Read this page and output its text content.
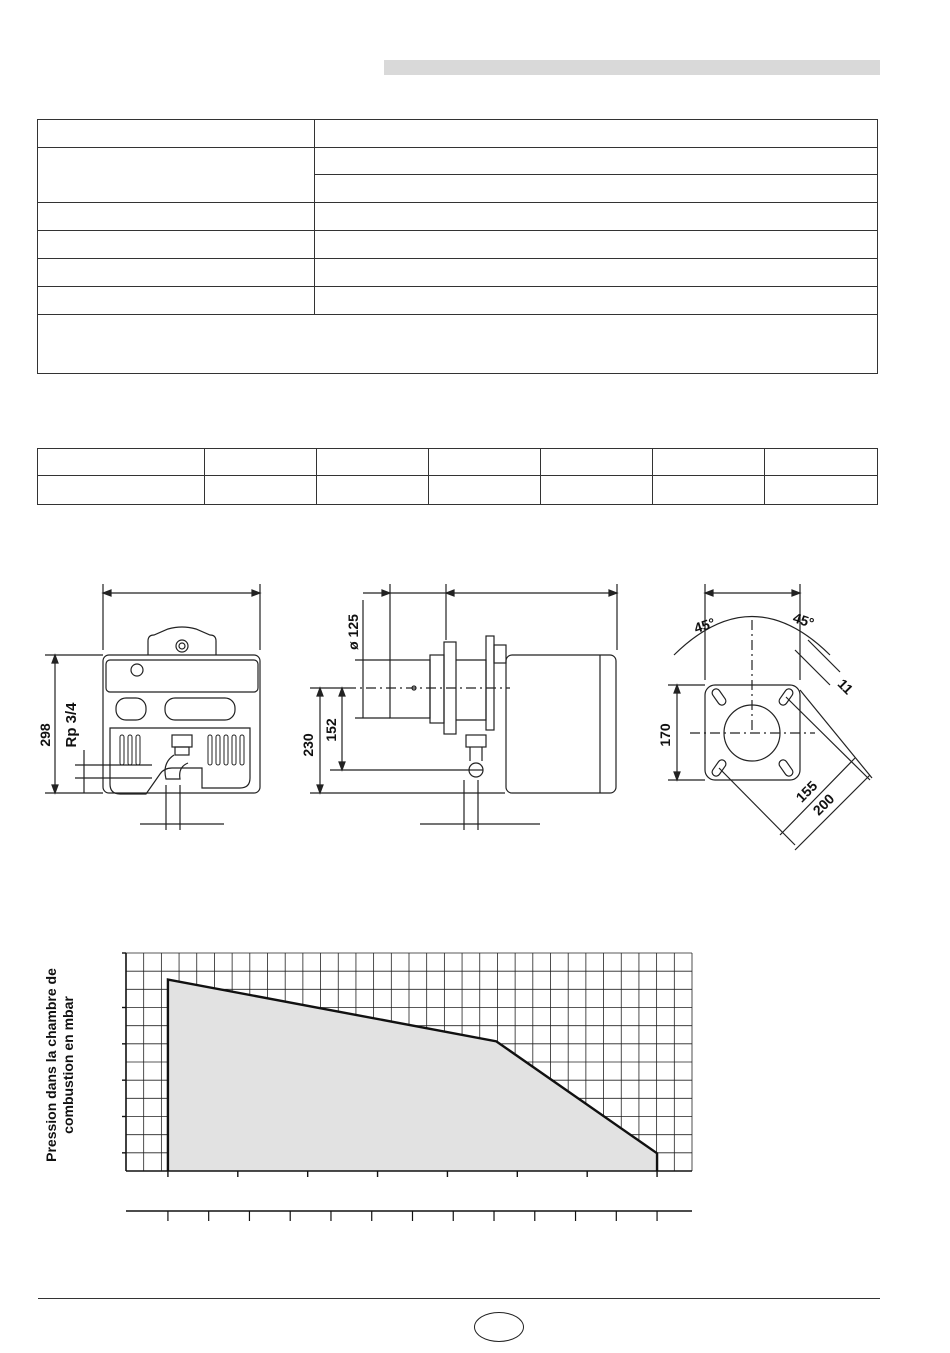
298 Rp 3/4
ø 125
230
152
45°	45°
11
170
155
200
Pression dans la chambre de combustion en mbar
